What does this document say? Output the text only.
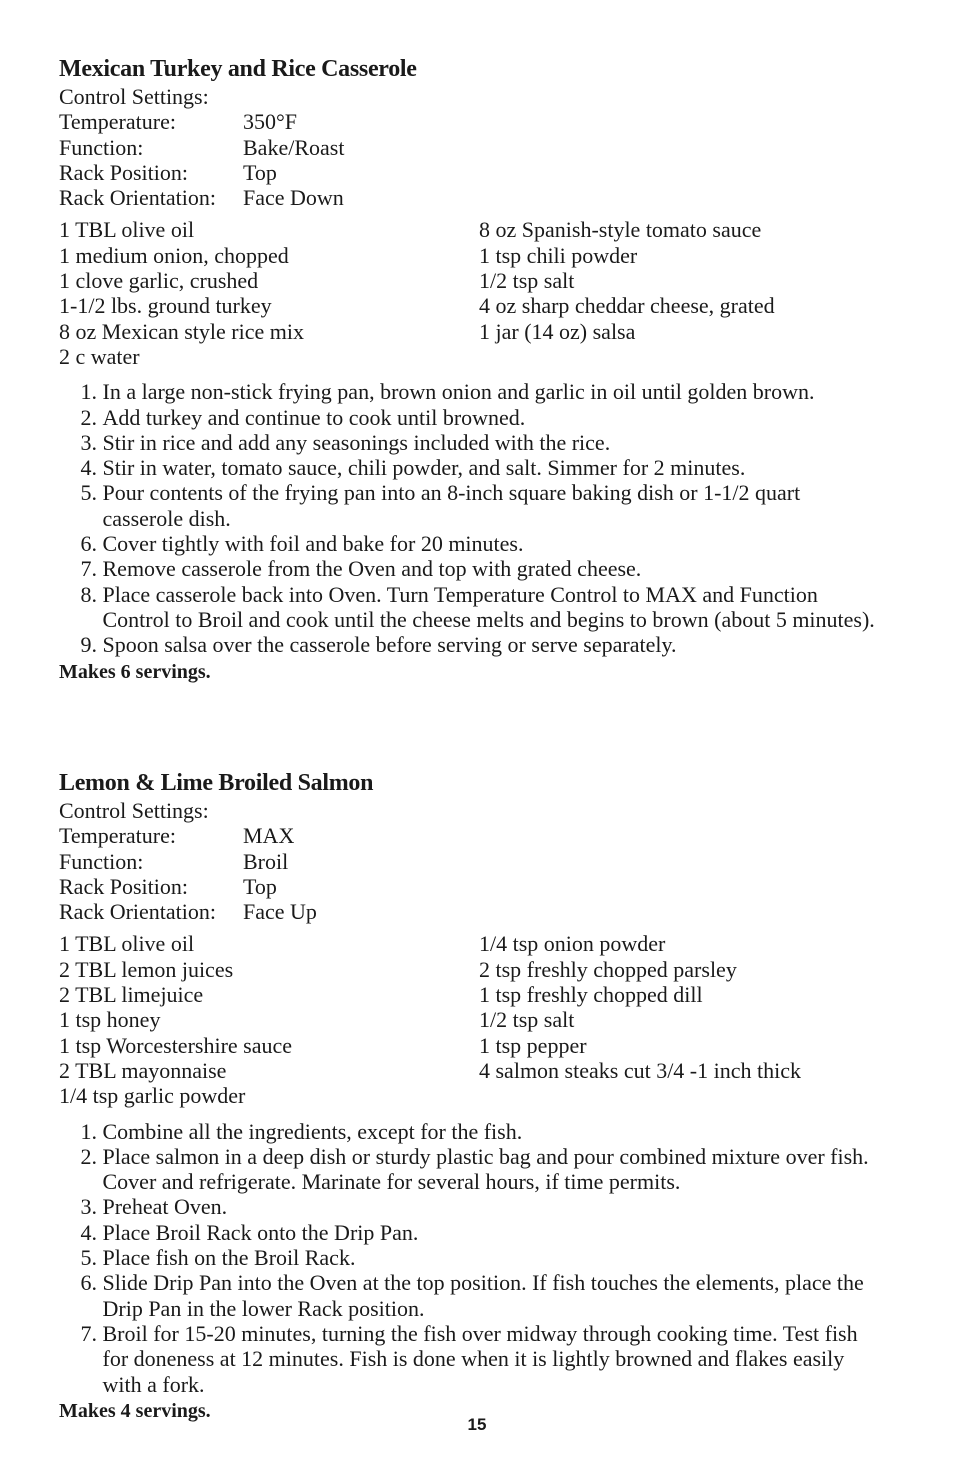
Mexican Turkey and Rice Casserole
Control Settings:
Temperature:	350°F
Function:	Bake/Roast
Rack Position:	Top
Rack Orientation:	Face Down
1 TBL olive oil
1 medium onion, chopped
1 clove garlic, crushed
1-1/2 lbs. ground turkey
8 oz Mexican style rice mix
2 c water
8 oz Spanish-style tomato sauce
1 tsp chili powder
1/2 tsp salt
4 oz sharp cheddar cheese, grated
1 jar (14 oz) salsa
1.
In a large non-stick frying pan, brown onion and garlic in oil until golden brown.
2.
Add turkey and continue to cook until browned.
3.
Stir in rice and add any seasonings included with the rice.
4.
Stir in water, tomato sauce, chili powder, and salt. Simmer for 2 minutes.
5.
Pour contents of the frying pan into an 8-inch square baking dish or 1-1/2 quart casserole dish.
6.
Cover tightly with foil and bake for 20 minutes.
7.
Remove casserole from the Oven and top with grated cheese.
8.
Place casserole back into Oven. Turn Temperature Control to MAX and Function Control to Broil and cook until the cheese melts and begins to brown (about 5 minutes).
9.
Spoon salsa over the casserole before serving or serve separately.
Makes 6 servings.
Lemon & Lime Broiled Salmon
Control Settings:
Temperature:	MAX
Function:	Broil
Rack Position:	Top
Rack Orientation:	Face Up
1 TBL olive oil
2 TBL lemon juices
2 TBL limejuice
1 tsp honey
1 tsp Worcestershire sauce
2 TBL mayonnaise
1/4 tsp garlic powder
1/4 tsp onion powder
2 tsp freshly chopped parsley
1 tsp freshly chopped dill
1/2 tsp salt
1 tsp pepper
4 salmon steaks cut 3/4 -1 inch thick
1.
Combine all the ingredients, except for the fish.
2.
Place salmon in a deep dish or sturdy plastic bag and pour combined mixture over fish. Cover and refrigerate. Marinate for several hours, if time permits.
3.
Preheat Oven.
4.
Place Broil Rack onto the Drip Pan.
5.
Place fish on the Broil Rack.
6.
Slide Drip Pan into the Oven at the top position. If fish touches the elements, place the Drip Pan in the lower Rack position.
7.
Broil for 15-20 minutes, turning the fish over midway through cooking time. Test fish for doneness at 12 minutes. Fish is done when it is lightly browned and flakes easily with a fork.
Makes 4 servings.
15
